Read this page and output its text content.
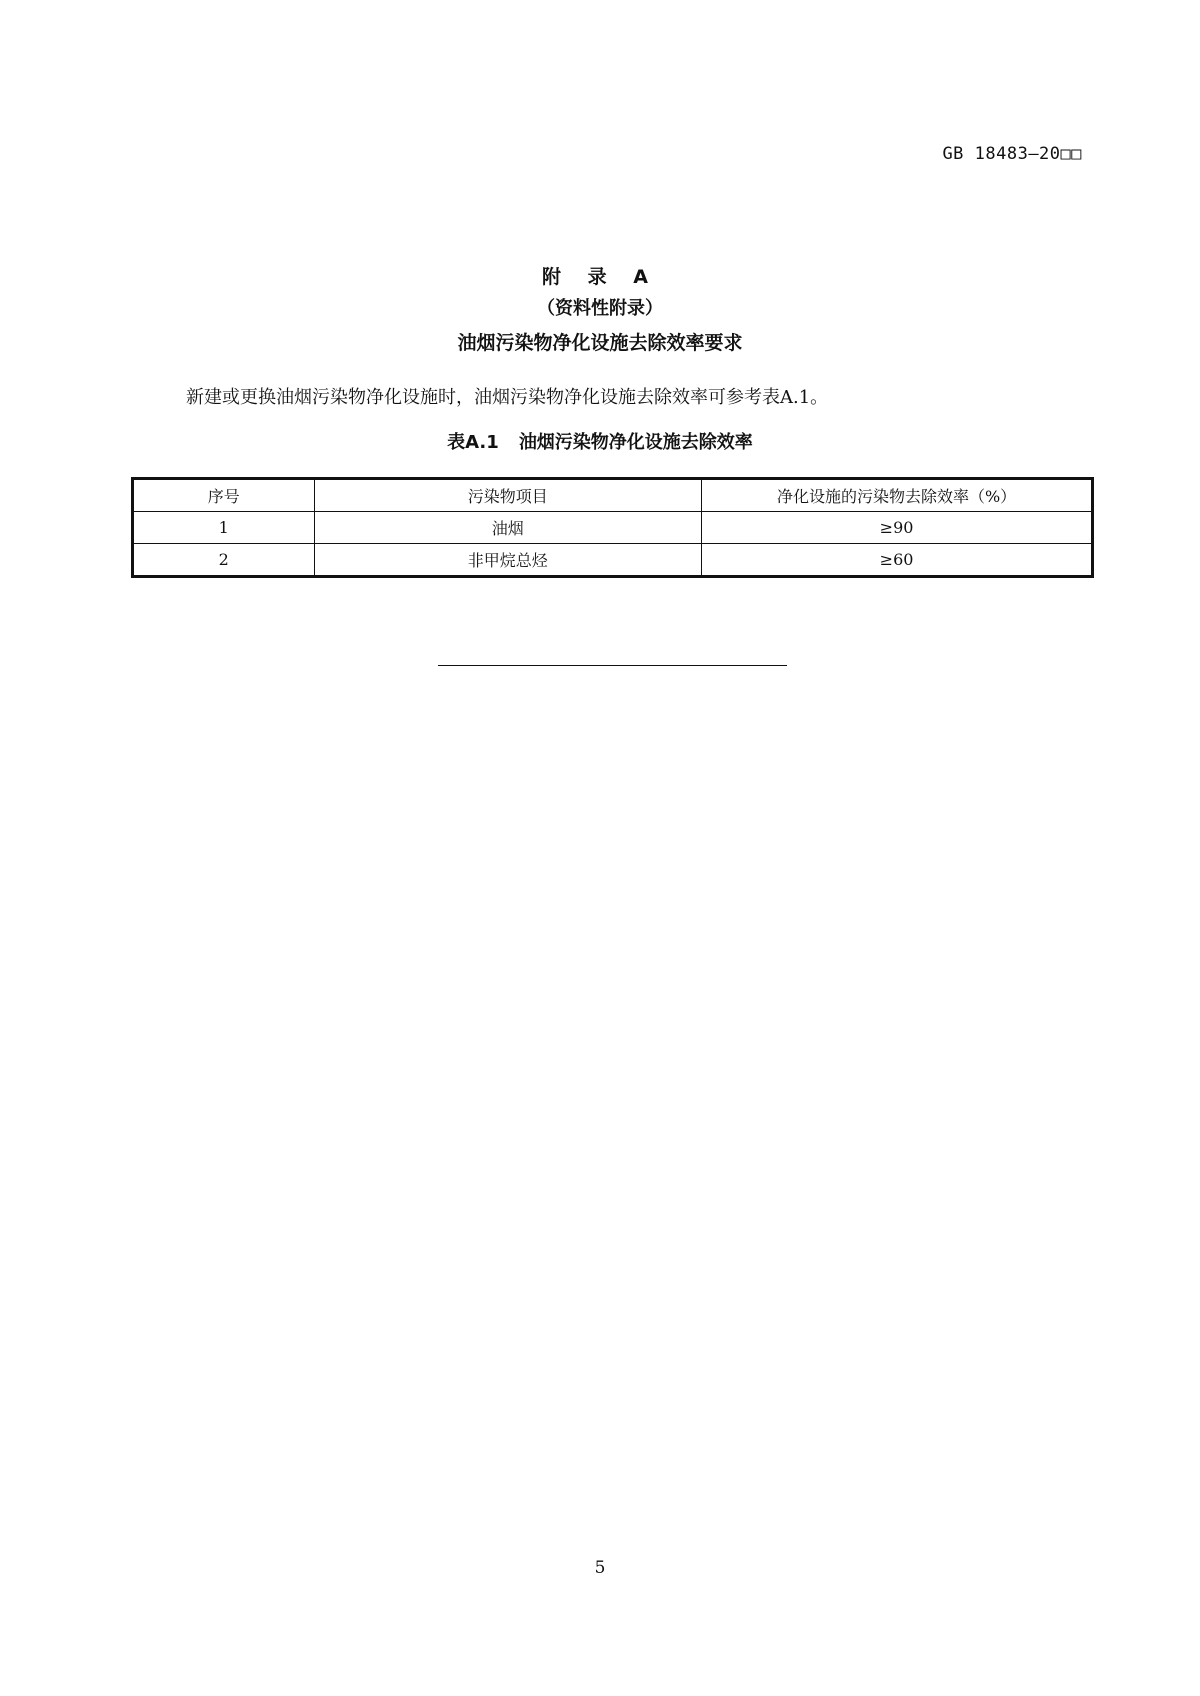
GB 18483—20□□
附 录 A
（资料性附录）
油烟污染物净化设施去除效率要求
新建或更换油烟污染物净化设施时，油烟污染物净化设施去除效率可参考表A.1。
表A.1 油烟污染物净化设施去除效率
序号	污染物项目	净化设施的污染物去除效率（%）
1	油烟	≥90
2	非甲烷总烃	≥60
5
